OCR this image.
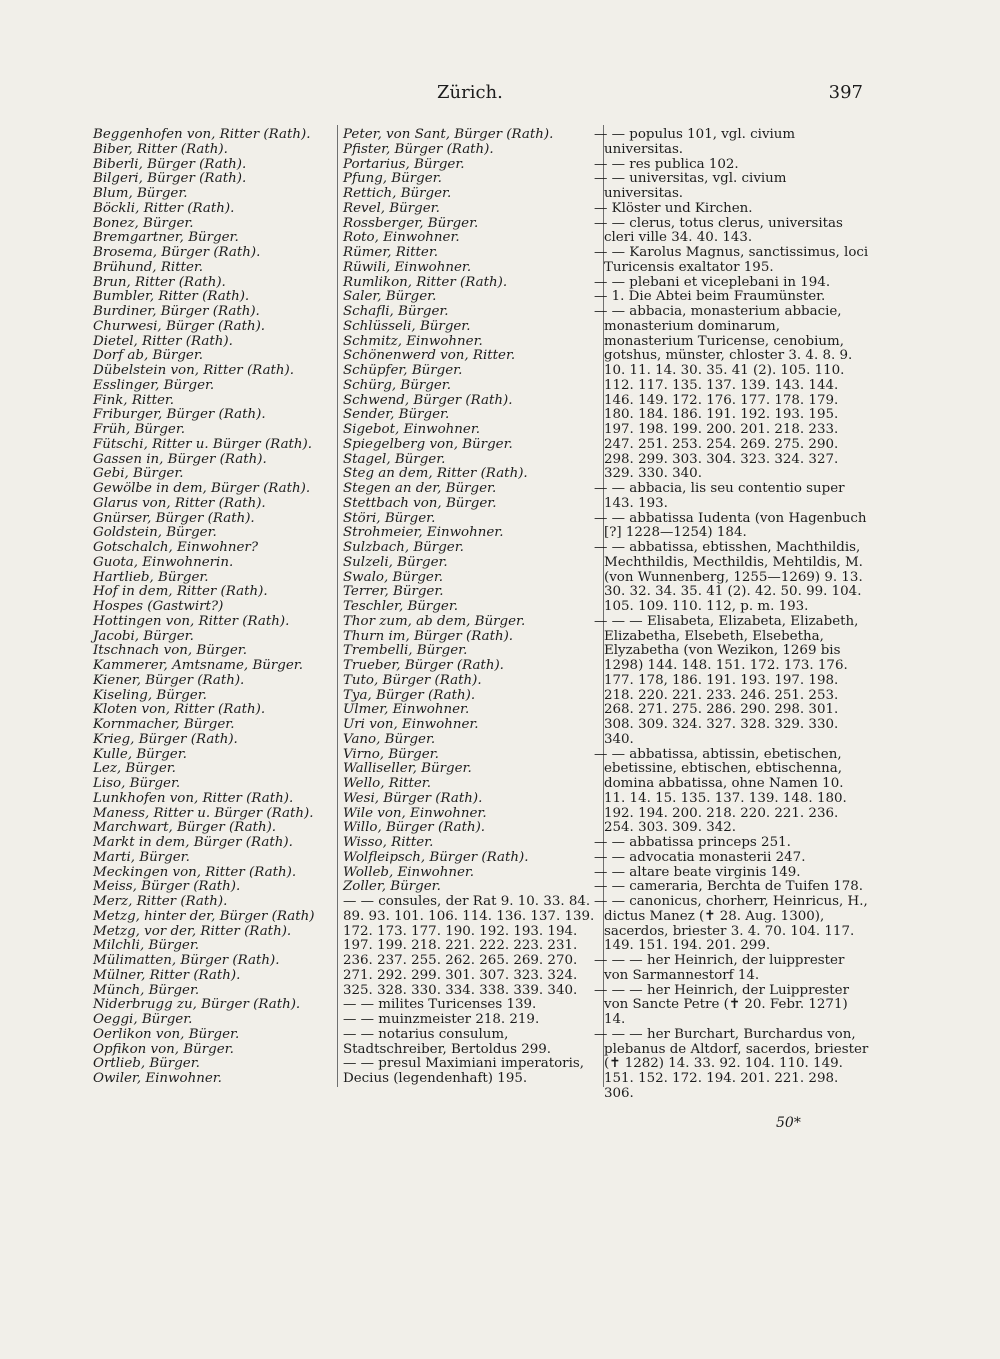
Zürich.	397
Beggenhofen von, Ritter (Rath).
Biber, Ritter (Rath).
Biberli, Bürger (Rath).
Bilgeri, Bürger (Rath).
Blum, Bürger.
Böckli, Ritter (Rath).
Bonez, Bürger.
Bremgartner, Bürger.
Brosema, Bürger (Rath).
Brühund, Ritter.
Brun, Ritter (Rath).
Bumbler, Ritter (Rath).
Burdiner, Bürger (Rath).
Churwesi, Bürger (Rath).
Dietel, Ritter (Rath).
Dorf ab, Bürger.
Dübelstein von, Ritter (Rath).
Esslinger, Bürger.
Fink, Ritter.
Friburger, Bürger (Rath).
Früh, Bürger.
Fütschi, Ritter u. Bürger (Rath).
Gassen in, Bürger (Rath).
Gebi, Bürger.
Gewölbe in dem, Bürger (Rath).
Glarus von, Ritter (Rath).
Gnürser, Bürger (Rath).
Goldstein, Bürger.
Gotschalch, Einwohner?
Guota, Einwohnerin.
Hartlieb, Bürger.
Hof in dem, Ritter (Rath).
Hospes (Gastwirt?)
Hottingen von, Ritter (Rath).
Jacobi, Bürger.
Itschnach von, Bürger.
Kammerer, Amtsname, Bürger.
Kiener, Bürger (Rath).
Kiseling, Bürger.
Kloten von, Ritter (Rath).
Kornmacher, Bürger.
Krieg, Bürger (Rath).
Kulle, Bürger.
Lez, Bürger.
Liso, Bürger.
Lunkhofen von, Ritter (Rath).
Maness, Ritter u. Bürger (Rath).
Marchwart, Bürger (Rath).
Markt in dem, Bürger (Rath).
Marti, Bürger.
Meckingen von, Ritter (Rath).
Meiss, Bürger (Rath).
Merz, Ritter (Rath).
Metzg, hinter der, Bürger (Rath)
Metzg, vor der, Ritter (Rath).
Milchli, Bürger.
Mülimatten, Bürger (Rath).
Mülner, Ritter (Rath).
Münch, Bürger.
Niderbrugg zu, Bürger (Rath).
Oeggi, Bürger.
Oerlikon von, Bürger.
Opfikon von, Bürger.
Ortlieb, Bürger.
Owiler, Einwohner.
Peter, von Sant, Bürger (Rath).
Pfister, Bürger (Rath).
Portarius, Bürger.
Pfung, Bürger.
Rettich, Bürger.
Revel, Bürger.
Rossberger, Bürger.
Roto, Einwohner.
Rümer, Ritter.
Rüwili, Einwohner.
Rumlikon, Ritter (Rath).
Saler, Bürger.
Schafli, Bürger.
Schlüsseli, Bürger.
Schmitz, Einwohner.
Schönenwerd von, Ritter.
Schüpfer, Bürger.
Schürg, Bürger.
Schwend, Bürger (Rath).
Sender, Bürger.
Sigebot, Einwohner.
Spiegelberg von, Bürger.
Stagel, Bürger.
Steg an dem, Ritter (Rath).
Stegen an der, Bürger.
Stettbach von, Bürger.
Störi, Bürger.
Strohmeier, Einwohner.
Sulzbach, Bürger.
Sulzeli, Bürger.
Swalo, Bürger.
Terrer, Bürger.
Teschler, Bürger.
Thor zum, ab dem, Bürger.
Thurn im, Bürger (Rath).
Trembelli, Bürger.
Trueber, Bürger (Rath).
Tuto, Bürger (Rath).
Tya, Bürger (Rath).
Ulmer, Einwohner.
Uri von, Einwohner.
Vano, Bürger.
Virno, Bürger.
Walliseller, Bürger.
Wello, Ritter.
Wesi, Bürger (Rath).
Wile von, Einwohner.
Willo, Bürger (Rath).
Wisso, Ritter.
Wolfleipsch, Bürger (Rath).
Wolleb, Einwohner.
Zoller, Bürger.
— — consules, der Rat 9. 10. 33. 84. 89. 93. 101. 106. 114. 136. 137. 139. 172. 173. 177. 190. 192. 193. 194. 197. 199. 218. 221. 222. 223. 231. 236. 237. 255. 262. 265. 269. 270. 271. 292. 299. 301. 307. 323. 324. 325. 328. 330. 334. 338. 339. 340.
— — milites Turicenses 139.
— — muinzmeister 218. 219.
— — notarius consulum, Stadtschreiber, Bertoldus 299.
— — presul Maximiani imperatoris, Decius (legendenhaft) 195.
— — populus 101, vgl. civium universitas.
— — res publica 102.
— — universitas, vgl. civium universitas.
— Klöster und Kirchen.
— — clerus, totus clerus, universitas cleri ville 34. 40. 143.
— — Karolus Magnus, sanctissimus, loci Turicensis exaltator 195.
— — plebani et viceplebani in 194.
— 1. Die Abtei beim Fraumünster.
— — abbacia, monasterium abbacie, monasterium dominarum, monasterium Turicense, cenobium, gotshus, münster, chloster 3. 4. 8. 9. 10. 11. 14. 30. 35. 41 (2). 105. 110. 112. 117. 135. 137. 139. 143. 144. 146. 149. 172. 176. 177. 178. 179. 180. 184. 186. 191. 192. 193. 195. 197. 198. 199. 200. 201. 218. 233. 247. 251. 253. 254. 269. 275. 290. 298. 299. 303. 304. 323. 324. 327. 329. 330. 340.
— — abbacia, lis seu contentio super 143. 193.
— — abbatissa Iudenta (von Hagenbuch [?] 1228—1254) 184.
— — abbatissa, ebtisshen, Machthildis, Mechthildis, Mecthildis, Mehtildis, M. (von Wunnenberg, 1255—1269) 9. 13. 30. 32. 34. 35. 41 (2). 42. 50. 99. 104. 105. 109. 110. 112, p. m. 193.
— — — Elisabeta, Elizabeta, Elizabeth, Elizabetha, Elsebeth, Elsebetha, Elyzabetha (von Wezikon, 1269 bis 1298) 144. 148. 151. 172. 173. 176. 177. 178, 186. 191. 193. 197. 198. 218. 220. 221. 233. 246. 251. 253. 268. 271. 275. 286. 290. 298. 301. 308. 309. 324. 327. 328. 329. 330. 340.
— — abbatissa, abtissin, ebetischen, ebetissine, ebtischen, ebtischenna, domina abbatissa, ohne Namen 10. 11. 14. 15. 135. 137. 139. 148. 180. 192. 194. 200. 218. 220. 221. 236. 254. 303. 309. 342.
— — abbatissa princeps 251.
— — advocatia monasterii 247.
— — altare beate virginis 149.
— — cameraria, Berchta de Tuifen 178.
— — canonicus, chorherr, Heinricus, H., dictus Manez (✝ 28. Aug. 1300), sacerdos, briester 3. 4. 70. 104. 117. 149. 151. 194. 201. 299.
— — — her Heinrich, der luipprester von Sarmannestorf 14.
— — — her Heinrich, der Luipprester von Sancte Petre (✝ 20. Febr. 1271) 14.
— — — her Burchart, Burchardus von, plebanus de Altdorf, sacerdos, briester (✝ 1282) 14. 33. 92. 104. 110. 149. 151. 152. 172. 194. 201. 221. 298. 306.
50*
